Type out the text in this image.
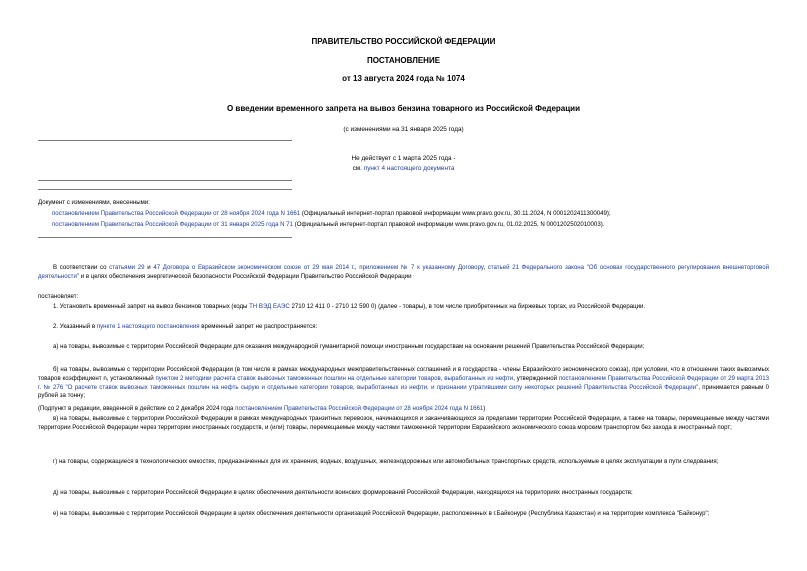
ПРАВИТЕЛЬСТВО РОССИЙСКОЙ ФЕДЕРАЦИИ

ПОСТАНОВЛЕНИЕ

от 13 августа 2024 года № 1074

О введении временного запрета на вывоз бензина товарного из Российской Федерации

(с изменениями на 31 января 2025 года)

Не действует с 1 марта 2025 года -

см. пункт 4 настоящего документа

Документ с изменениями, внесенными:

постановлением Правительства Российской Федерации от 28 ноября 2024 года N 1661 (Официальный интернет-портал правовой информации www.pravo.gov.ru, 30.11.2024, N 0001202411300049);

постановлением Правительства Российской Федерации от 31 января 2025 года N 71 (Официальный интернет-портал правовой информации www.pravo.gov.ru, 01.02.2025, N 0001202502010003).

В соответствии со статьями 29 и 47 Договора о Евразийском экономическом союзе от 29 мая 2014 г., приложением № 7 к указанному Договору, статьей 21 Федерального закона "Об основах государственного регулирования внешнеторговой деятельности" и в целях обеспечения энергетической безопасности Российской Федерации Правительство Российской Федерации

постановляет:

1. Установить временный запрет на вывоз бензинов товарных (коды ТН ВЭД ЕАЭС 2710 12 411 0 - 2710 12 590 0) (далее - товары), в том числе приобретенных на биржевых торгах, из Российской Федерации.

2. Указанный в пункте 1 настоящего постановления временный запрет не распространяется:

а) на товары, вывозимые с территории Российской Федерации для оказания международной гуманитарной помощи иностранным государствам на основании решений Правительства Российской Федерации;

б) на товары, вывозимые с территории Российской Федерации (в том числе в рамках международных межправительственных соглашений и в государства - члены Евразийского экономического союза), при условии, что в отношении таких вывозимых товаров коэффициент n, установленный пунктом 2 методики расчета ставок вывозных таможенных пошлин на отдельные категории товаров, выработанных из нефти, утвержденной постановлением Правительства Российской Федерации от 29 марта 2013 г. № 276 "О расчете ставок вывозных таможенных пошлин на нефть сырую и отдельные категории товаров, выработанных из нефти, и признании утратившими силу некоторых решений Правительства Российской Федерации", принимается равным 0 рублей за тонну;

(Подпункт в редакции, введенной в действие со 2 декабря 2024 года постановлением Правительства Российской Федерации от 28 ноября 2024 года N 1661)

в) на товары, вывозимые с территории Российской Федерации в рамках международных транзитных перевозок, начинающихся и заканчивающихся за пределами территории Российской Федерации, а также на товары, перемещаемые между частями территории Российской Федерации через территории иностранных государств, и (или) товары, перемещаемые между частями таможенной территории Евразийского экономического союза морским транспортом без захода в иностранный порт;

г) на товары, содержащиеся в технологических емкостях, предназначенных для их хранения, водных, воздушных, железнодорожных или автомобильных транспортных средств, используемые в целях эксплуатации в пути следования;

д) на товары, вывозимые с территории Российской Федерации в целях обеспечения деятельности воинских формирований Российской Федерации, находящихся на территориях иностранных государств;

е) на товары, вывозимые с территории Российской Федерации в целях обеспечения деятельности организаций Российской Федерации, расположенных в г.Байконуре (Республика Казахстан) и на территории комплекса "Байконур";
